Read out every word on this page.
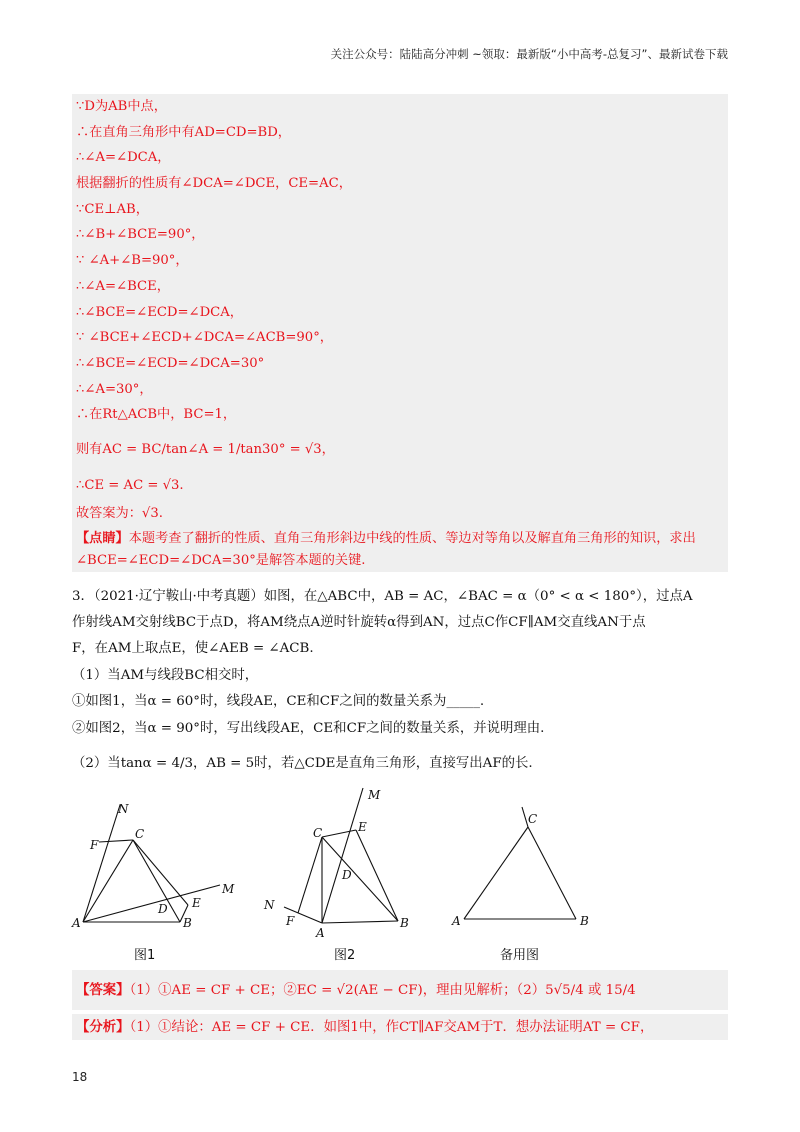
关注公众号：陆陆高分冲刺 ~领取：最新版“小中高考-总复习”、最新试卷下载
∵D为AB中点，
∴在直角三角形中有AD=CD=BD，
∴∠A=∠DCA，
根据翻折的性质有∠DCA=∠DCE，CE=AC，
∵CE⊥AB，
∴∠B+∠BCE=90°，
∵ ∠A+∠B=90°，
∴∠A=∠BCE，
∴∠BCE=∠ECD=∠DCA，
∵ ∠BCE+∠ECD+∠DCA=∠ACB=90°，
∴∠BCE=∠ECD=∠DCA=30°
∴∠A=30°，
∴在Rt△ACB中，BC=1，
则有AC = BC/tan∠A = 1/tan30° = √3，
∴CE = AC = √3.
故答案为：√3.
【点睛】本题考查了翻折的性质、直角三角形斜边中线的性质、等边对等角以及解直角三角形的知识，求出∠BCE=∠ECD=∠DCA=30°是解答本题的关键.
3．（2021·辽宁鞍山·中考真题）如图，在△ABC中，AB = AC，∠BAC = α（0° < α < 180°），过点A
作射线AM交射线BC于点D，将AM绕点A逆时针旋转α得到AN，过点C作CF∥AM交直线AN于点
F，在AM上取点E，使∠AEB = ∠ACB.
（1）当AM与线段BC相交时，
①如图1，当α = 60°时，线段AE，CE和CF之间的数量关系为_____.
②如图2，当α = 90°时，写出线段AE，CE和CF之间的数量关系，并说明理由.
（2）当tanα = 4/3，AB = 5时，若△CDE是直角三角形，直接写出AF的长.
N
F
C
M
E
D
A	B
图1
M
C	E
D
N
F
A
B
图2
C
A	B
备用图
【答案】（1）①AE = CF + CE；②EC = √2(AE − CF)，理由见解析；（2）5√5/4 或 15/4
【分析】（1）①结论：AE = CF + CE．如图1中，作CT∥AF交AM于T．想办法证明AT = CF，
18
